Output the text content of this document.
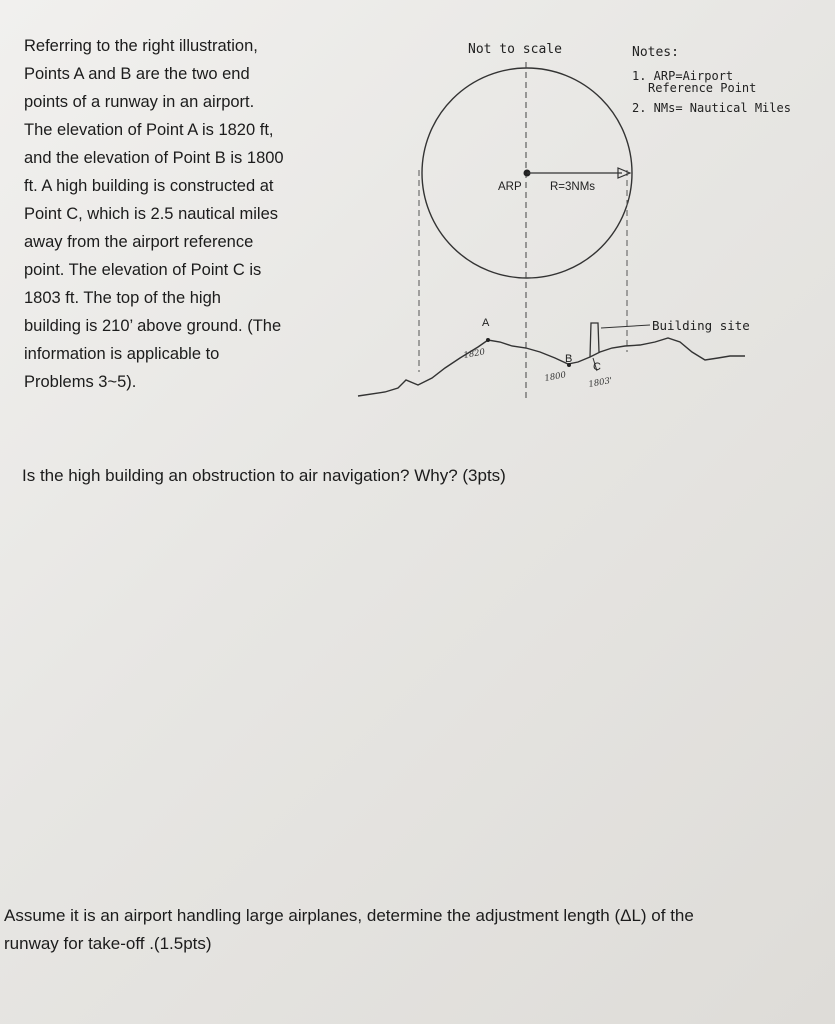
Referring to the right illustration,
Points A and B are the two end
points of a runway in an airport.
The elevation of Point A is 1820 ft,
and the elevation of Point B is 1800
ft. A high building is constructed at
Point C, which is 2.5 nautical miles
away from the airport reference
point. The elevation of Point C is
1803 ft. The top of the high
building is 210’ above ground. (The
information is applicable to
Problems 3~5).
Not to scale	Notes:
1. ARP=Airport
Reference Point
2. NMs= Nautical Miles
ARP R=3NMs
Building site
A
B
C
1820
1800 1803'
Is the high building an obstruction to air navigation? Why? (3pts)
Assume it is an airport handling large airplanes, determine the adjustment length (ΔL) of the
runway for take-off .(1.5pts)
